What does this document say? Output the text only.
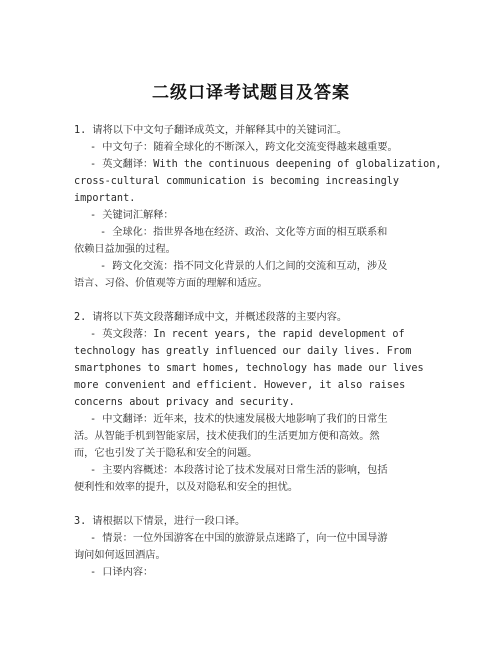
二级口译考试题目及答案
1. 请将以下中文句子翻译成英文，并解释其中的关键词汇。
- 中文句子：随着全球化的不断深入，跨文化交流变得越来越重要。
- 英文翻译：With the continuous deepening of globalization,
cross-cultural communication is becoming increasingly
important.
- 关键词汇解释：
- 全球化：指世界各地在经济、政治、文化等方面的相互联系和
依赖日益加强的过程。
- 跨文化交流：指不同文化背景的人们之间的交流和互动，涉及
语言、习俗、价值观等方面的理解和适应。
2. 请将以下英文段落翻译成中文，并概述段落的主要内容。
- 英文段落：In recent years, the rapid development of
technology has greatly influenced our daily lives. From
smartphones to smart homes, technology has made our lives
more convenient and efficient. However, it also raises
concerns about privacy and security.
- 中文翻译：近年来，技术的快速发展极大地影响了我们的日常生
活。从智能手机到智能家居，技术使我们的生活更加方便和高效。然
而，它也引发了关于隐私和安全的问题。
- 主要内容概述：本段落讨论了技术发展对日常生活的影响，包括
便利性和效率的提升，以及对隐私和安全的担忧。
3. 请根据以下情景，进行一段口译。
- 情景：一位外国游客在中国的旅游景点迷路了，向一位中国导游
询问如何返回酒店。
- 口译内容：
